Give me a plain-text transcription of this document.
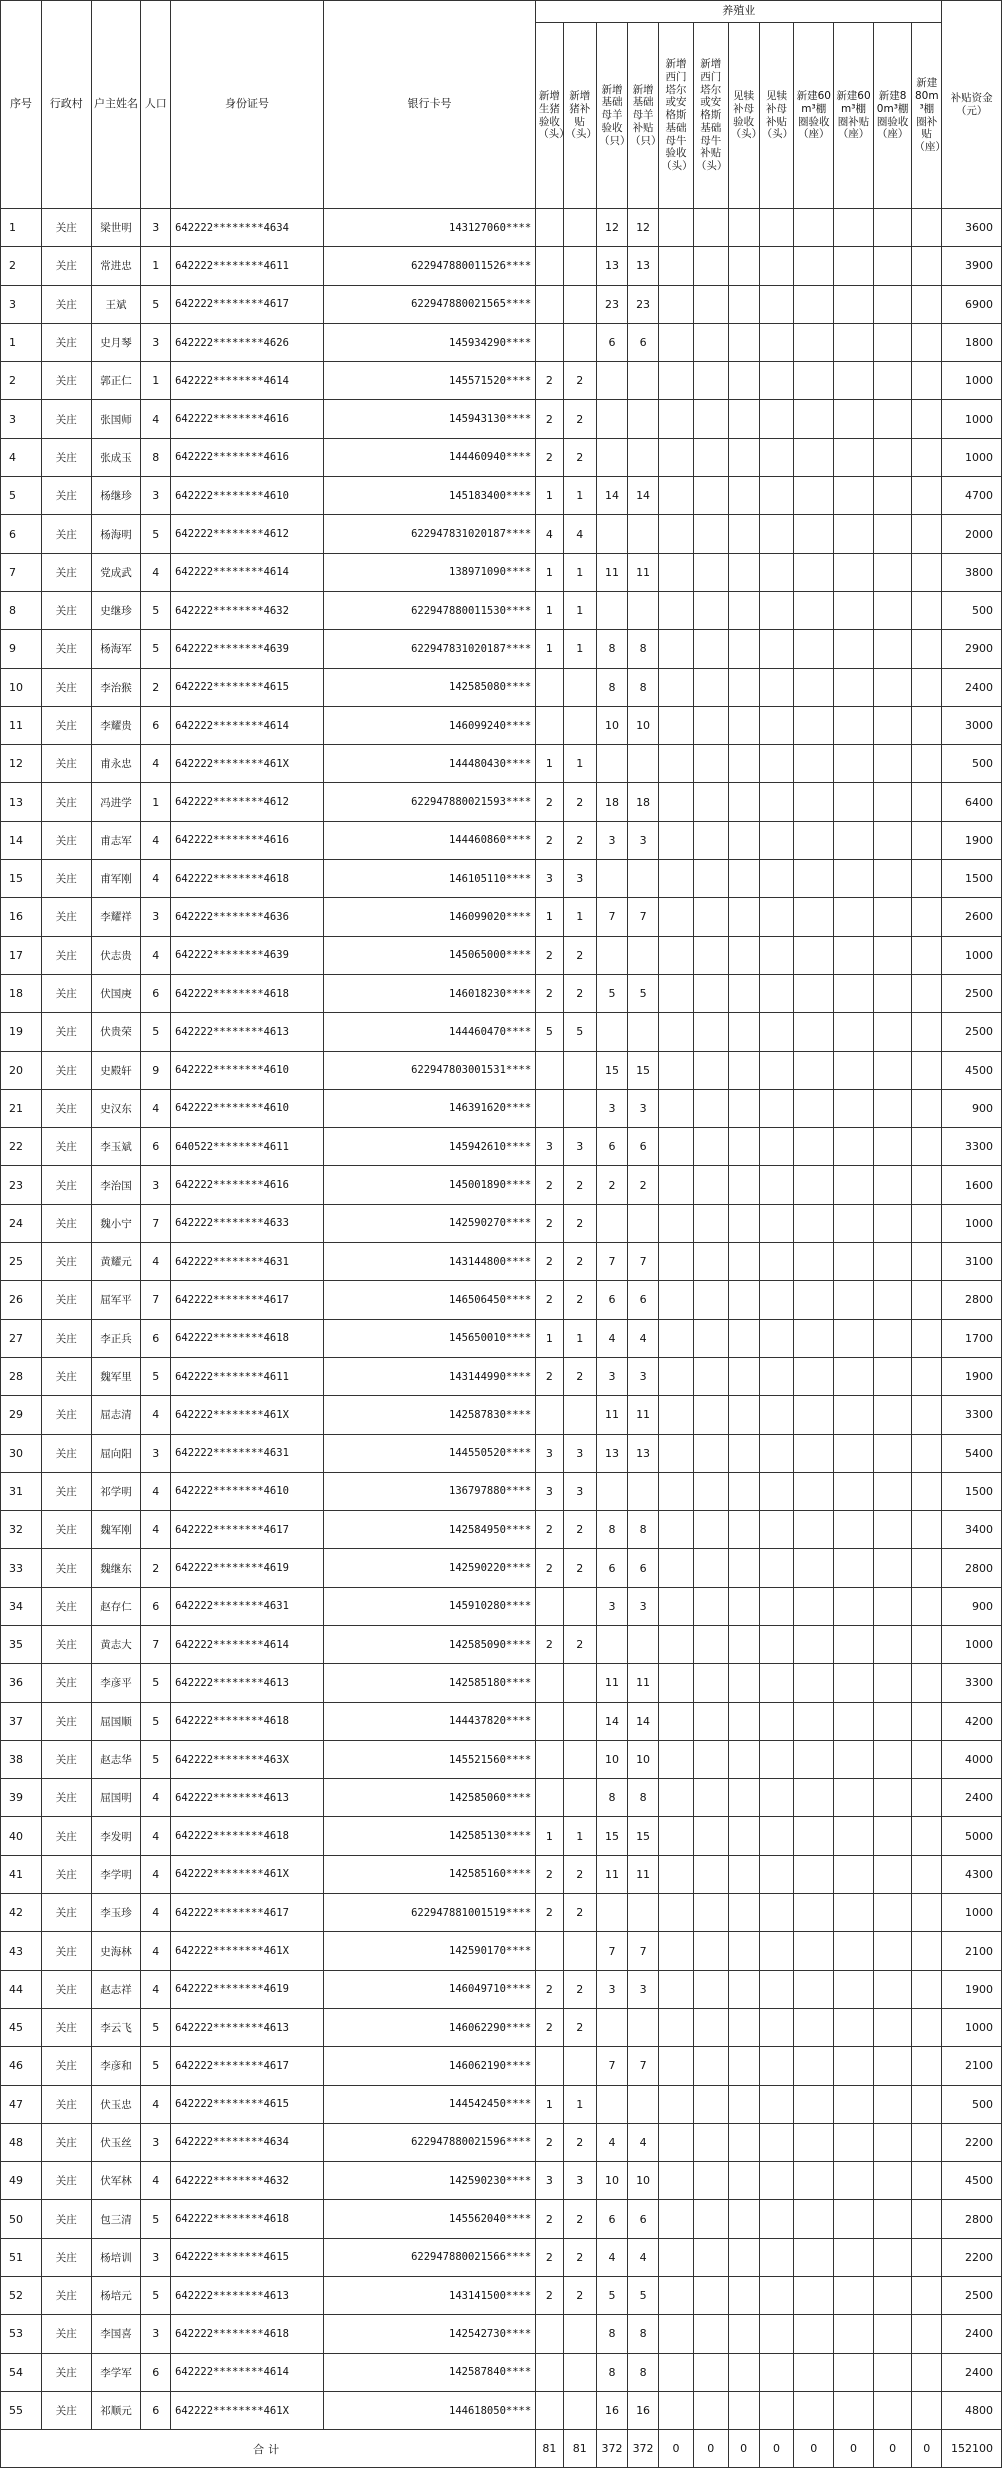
序号	行政村	户主姓名	人口	身份证号	银行卡号	养殖业												补贴资金（元）
						新增生猪验收（头）	新增猪补贴（头）	新增基础母羊验收（只）	新增基础母羊补贴（只）	新增西门塔尔或安格斯基础母牛验收（头）	新增西门塔尔或安格斯基础母牛补贴（头）	见犊补母验收（头）	见犊补母补贴（头）	新建60m³棚圈验收（座）	新建60m³棚圈补贴（座）	新建80m³棚圈验收（座）	新建80m³棚圈补贴（座）	
1	关庄	梁世明	3	642222********4634	143127060****			12	12									3600
2	关庄	常进忠	1	642222********4611	622947880011526****			13	13									3900
3	关庄	王斌	5	642222********4617	622947880021565****			23	23									6900
1	关庄	史月琴	3	642222********4626	145934290****			6	6									1800
2	关庄	郭正仁	1	642222********4614	145571520****	2	2											1000
3	关庄	张国师	4	642222********4616	145943130****	2	2											1000
4	关庄	张成玉	8	642222********4616	144460940****	2	2											1000
5	关庄	杨继珍	3	642222********4610	145183400****	1	1	14	14									4700
6	关庄	杨海明	5	642222********4612	622947831020187****	4	4											2000
7	关庄	党成武	4	642222********4614	138971090****	1	1	11	11									3800
8	关庄	史继珍	5	642222********4632	622947880011530****	1	1											500
9	关庄	杨海军	5	642222********4639	622947831020187****	1	1	8	8									2900
10	关庄	李治猴	2	642222********4615	142585080****			8	8									2400
11	关庄	李耀贵	6	642222********4614	146099240****			10	10									3000
12	关庄	甫永忠	4	642222********461X	144480430****	1	1											500
13	关庄	冯进学	1	642222********4612	622947880021593****	2	2	18	18									6400
14	关庄	甫志军	4	642222********4616	144460860****	2	2	3	3									1900
15	关庄	甫军刚	4	642222********4618	146105110****	3	3											1500
16	关庄	李耀祥	3	642222********4636	146099020****	1	1	7	7									2600
17	关庄	伏志贵	4	642222********4639	145065000****	2	2											1000
18	关庄	伏国庚	6	642222********4618	146018230****	2	2	5	5									2500
19	关庄	伏贵荣	5	642222********4613	144460470****	5	5											2500
20	关庄	史殿轩	9	642222********4610	622947803001531****			15	15									4500
21	关庄	史汉东	4	642222********4610	146391620****			3	3									900
22	关庄	李玉斌	6	640522********4611	145942610****	3	3	6	6									3300
23	关庄	李治国	3	642222********4616	145001890****	2	2	2	2									1600
24	关庄	魏小宁	7	642222********4633	142590270****	2	2											1000
25	关庄	黄耀元	4	642222********4631	143144800****	2	2	7	7									3100
26	关庄	屈军平	7	642222********4617	146506450****	2	2	6	6									2800
27	关庄	李正兵	6	642222********4618	145650010****	1	1	4	4									1700
28	关庄	魏军里	5	642222********4611	143144990****	2	2	3	3									1900
29	关庄	屈志清	4	642222********461X	142587830****			11	11									3300
30	关庄	屈向阳	3	642222********4631	144550520****	3	3	13	13									5400
31	关庄	祁学明	4	642222********4610	136797880****	3	3											1500
32	关庄	魏军刚	4	642222********4617	142584950****	2	2	8	8									3400
33	关庄	魏继东	2	642222********4619	142590220****	2	2	6	6									2800
34	关庄	赵存仁	6	642222********4631	145910280****			3	3									900
35	关庄	黄志大	7	642222********4614	142585090****	2	2											1000
36	关庄	李彦平	5	642222********4613	142585180****			11	11									3300
37	关庄	屈国顺	5	642222********4618	144437820****			14	14									4200
38	关庄	赵志华	5	642222********463X	145521560****			10	10									4000
39	关庄	屈国明	4	642222********4613	142585060****			8	8									2400
40	关庄	李发明	4	642222********4618	142585130****	1	1	15	15									5000
41	关庄	李学明	4	642222********461X	142585160****	2	2	11	11									4300
42	关庄	李玉珍	4	642222********4617	622947881001519****	2	2											1000
43	关庄	史海林	4	642222********461X	142590170****			7	7									2100
44	关庄	赵志祥	4	642222********4619	146049710****	2	2	3	3									1900
45	关庄	李云飞	5	642222********4613	146062290****	2	2											1000
46	关庄	李彦和	5	642222********4617	146062190****			7	7									2100
47	关庄	伏玉忠	4	642222********4615	144542450****	1	1											500
48	关庄	伏玉丝	3	642222********4634	622947880021596****	2	2	4	4									2200
49	关庄	伏军林	4	642222********4632	142590230****	3	3	10	10									4500
50	关庄	包三清	5	642222********4618	145562040****	2	2	6	6									2800
51	关庄	杨培训	3	642222********4615	622947880021566****	2	2	4	4									2200
52	关庄	杨培元	5	642222********4613	143141500****	2	2	5	5									2500
53	关庄	李国喜	3	642222********4618	142542730****			8	8									2400
54	关庄	李学军	6	642222********4614	142587840****			8	8									2400
55	关庄	祁顺元	6	642222********461X	144618050****			16	16									4800
合计						81	81	372	372	0	0	0	0	0	0	0	0	152100
